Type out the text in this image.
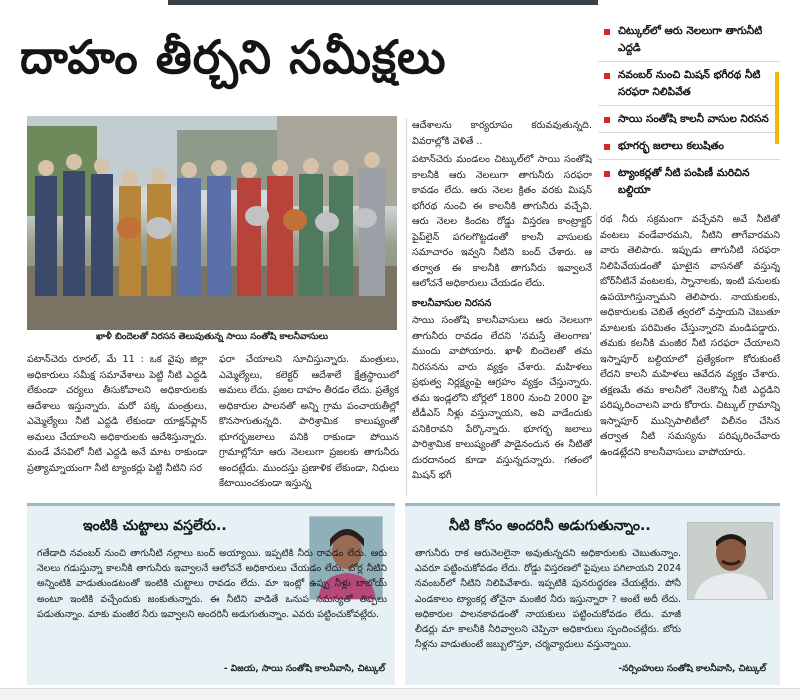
దాహం తీర్చని సమీక్షలు	చిట్కుల్‌లో ఆరు నెలలుగా తాగునీటి ఎద్దడి
నవంబర్ నుంచి మిషన్ భగీరథ నీటి సరఫరా నిలిపివేత
సాయి సంతోషి కాలనీ వాసుల నిరసన
భూగర్భ జలాలు కలుషితం
ట్యాంకర్లతో నీటి పంపిణీ మరిచిన బల్దియా
ఖాళీ బిందెలతో నిరసన తెలుపుతున్న సాయి సంతోషి కాలనీవాసులు

ఆదేశాలను కార్యరూపం కరువవుతున్నది. వివరాల్లోకి వెళితే ..

పటాన్‌చెరు మండలం చిట్కుల్‌లో సాయి సంతోషి కాలనీకి ఆరు నెలలుగా తాగునీరు సరఫరా కావడం లేదు. ఆరు నెలల క్రితం వరకు మిషన్ భగీరథ నుంచి ఈ కాలనీకి తాగునీరు వచ్చేవి. ఆరు నెలల కిందట రోడ్డు విస్తరణ కాంట్రాక్టర్ పైప్‌లైన్ పగలగొట్టడంతో కాలనీ వాసులకు సమాచారం ఇవ్వని నీటిని బంద్ చేశారు. ఆ తర్వాత ఈ కాలనీకి తాగునీరు ఇవ్వాలనే ఆలోచనే అధికారులు చేయడం లేదు.

కాలనీవాసుల నిరసన

సాయి సంతోషి కాలనీవాసులు ఆరు నెలలుగా తాగునీరు రావడం లేదని 'నమస్తే తెలంగాణ' ముందు వాపోయారు. ఖాళీ బిందెలతో తమ నిరసనను వారు వ్యక్తం చేశారు. మహిళలు ప్రభుత్వ నిర్లక్ష్యంపై ఆగ్రహం వ్యక్తం చేస్తున్నారు. తమ ఇండ్లలోని బోర్లలో 1800 నుంచి 2000 హై టీడీఎస్ నీళ్లు వస్తున్నాయని, అవి వాడేందుకు పనికిరావని పేర్కొన్నారు. భూగర్భ జలాలు పారిశ్రామిక కాలుష్యంతో పాడైనందున ఈ నీటితో దురదానంద కూడా వస్తున్నదన్నారు. గతంలో మిషన్ భగీ

పటాన్‌చెరు రూరల్, మే 11 : ఒక వైపు జిల్లా అధికారులు సమీక్ష సమావేశాలు పెట్టి నీటి ఎద్దడి లేకుండా చర్యలు తీసుకోవాలని అధికారులకు ఆదేశాలు ఇస్తున్నారు. మరో పక్క మంత్రులు, ఎమ్మెల్యేలు నీటి ఎద్దడి లేకుండా యాక్షన్‌ప్లాన్ అమలు చేయాలని అధికారులకు ఆదేశిస్తున్నారు. మండే వేసవిలో నీటి ఎద్దడి అనే మాట రాకుండా ప్రత్యామ్నాయంగా నీటి ట్యాంకర్లు పెట్టి నీటిని సర

ఫరా చేయాలని సూచిస్తున్నారు. మంత్రులు, ఎమ్మెల్యేలు, కలెక్టర్ ఆదేశాలే క్షేత్రస్థాయిలో అమలు లేదు. ప్రజల దాహం తీరడం లేదు. ప్రత్యేక అధికారుల పాలనతో అన్ని గ్రామ పంచాయతీల్లో కొనసాగుతున్నది. పారిశ్రామిక కాలుష్యంతో భూగర్భజలాలు పనికి రాకుండా పోయిన గ్రామాల్లోనూ ఆరు నెలలుగా ప్రజలకు తాగునీరు అందట్లేదు. ముందస్తు ప్రణాళిక లేకుండా, నిధులు కేటాయించకుండా ఇస్తున్న

రథ నీరు సక్రమంగా వచ్చేవని అవే నీటితో వంటలు వండేవారమని, నీటిని తాగేవారమని వారు తెలిపారు. ఇప్పుడు తాగునీటి సరఫరా నిలిపివేయడంతో ఘాటైన వాసనతో వస్తున్న బోర్‌నీటినే వంటలకు, స్నానాలకు, ఇంటి పనులకు ఉపయోగిస్తున్నామని తెలిపారు. నాయకులకు, అధికారులకు చెబితే త్వరలో వస్తాయని చెబుతూ మాటలకు పరిమితం చేస్తున్నారని మండిపడ్డారు. తమకు కలనీకి మంజీర నీటి సరఫరా చేయాలని ఇస్నాపూర్ బల్దియాలో ప్రత్యేకంగా కోరుకుంటే లేదని కాలనీ మహిళలు ఆవేదన వ్యక్తం చేశారు. తక్షణమే తమ కాలనీలో నెలకొన్న నీటి ఎద్దడిని పరిష్కరించాలని వారు కోరారు. చిట్కుల్ గ్రామాన్ని ఇస్నాపూర్ మున్సిపాలిటీలో విలీనం చేసిన తర్వాత నీటి సమస్యను పరిష్కరించేవారు ఉండట్లేదని కాలనీవాసులు వాపోయారు.

ఇంటికి చుట్టాలు వస్తలేరు..
గతేడాది నవంబర్ నుంచి తాగునీటి నల్లాలు బంద్ అయ్యాయి. ఇప్పటికి నీరు రావడం లేదు. ఆరు నెలలు గడుస్తున్నా కాలనీకి తాగునీరు ఇవ్వాలనే ఆలోచనే అధికారులు చేయడం లేదు. బోర్ల నీటిని అన్నింటికి వాడుతుండటంతో ఇంటికి చుట్టాలు రావడం లేదు. మా ఇంట్లో ఉప్పు నీళ్లు బాబోయ్ అంటూ ఇంటికి వచ్చేందుకు జంకుతున్నారు. ఈ నీటిని వాడితే ఒనుప సమస్యతో తిప్పలు పడుతున్నాం. మాకు మంజీర నీరు ఇవ్వాలని అందరినీ అడుగుతున్నాం. ఎవరు పట్టించుకోవట్లేరు.
- విజయ, సాయి సంతోషి కాలనీవాసి, చిట్కుల్
నీటి కోసం అందరినీ అడుగుతున్నాం..
తాగునీరు రాక ఆరునెలలైనా అవుతున్నదని అధికారులకు చెబుతున్నాం. ఎవరూ పట్టించుకోవడం లేదు. రోడ్డు విస్తరణలో పైపులు పగిలాయని 2024 నవంబర్‌లో నీటిని నిలిపివేశారు. ఇప్పటికి పునరుద్ధరణ చేయట్లేరు. పోనీ ఎండకాలం ట్యాంకర్ల తోనైనా మంజీర నీరు ఇస్తున్నారా ? అంటే అదీ లేదు. అధికారుల పాలనకావడంతో నాయకులు పట్టించుకోవడం లేదు. మాజీ లీడర్లు మా కాలనీకి నీరివ్వాలని చెప్పినా అధికారులు స్పందించట్లేరు. బోరు నీళ్లను వాడుతుంటే జబ్బులొస్తూ, చర్మవ్యాధులు వస్తున్నాయి.
-నర్సింహులు సంతోషి కాలనీవాసి, చిట్కుల్
